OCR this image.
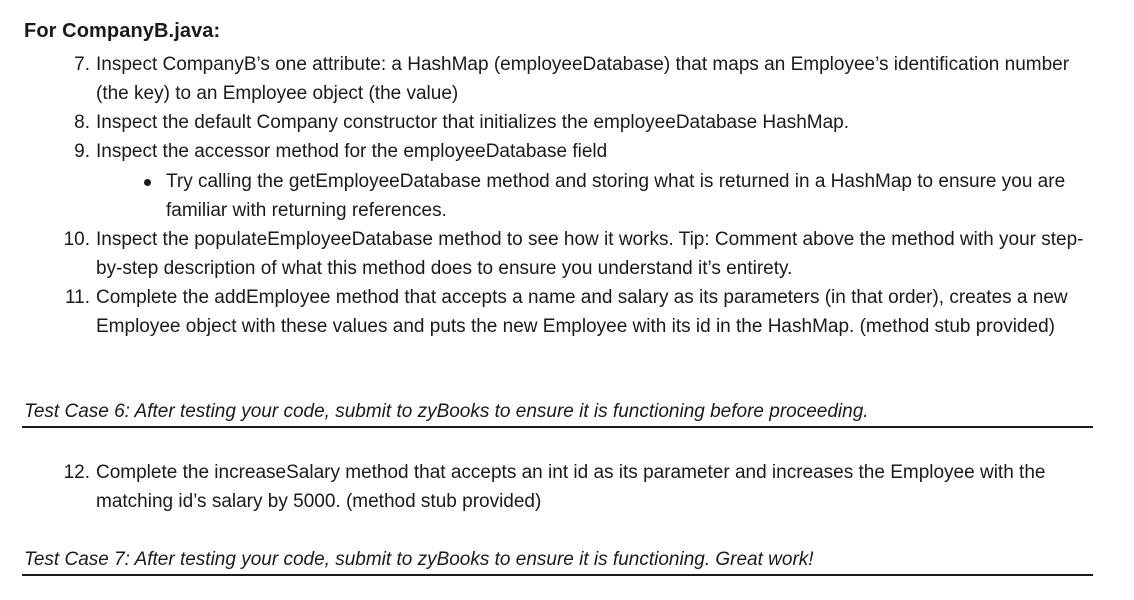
For CompanyB.java:
7. Inspect CompanyB’s one attribute: a HashMap (employeeDatabase) that maps an Employee’s identification number (the key) to an Employee object (the value)
8. Inspect the default Company constructor that initializes the employeeDatabase HashMap.
9. Inspect the accessor method for the employeeDatabase field
Try calling the getEmployeeDatabase method and storing what is returned in a HashMap to ensure you are familiar with returning references.
10. Inspect the populateEmployeeDatabase method to see how it works. Tip: Comment above the method with your step-by-step description of what this method does to ensure you understand it’s entirety.
11. Complete the addEmployee method that accepts a name and salary as its parameters (in that order), creates a new Employee object with these values and puts the new Employee with its id in the HashMap. (method stub provided)
Test Case 6: After testing your code, submit to zyBooks to ensure it is functioning before proceeding.
12. Complete the increaseSalary method that accepts an int id as its parameter and increases the Employee with the matching id’s salary by 5000. (method stub provided)
Test Case 7: After testing your code, submit to zyBooks to ensure it is functioning. Great work!
